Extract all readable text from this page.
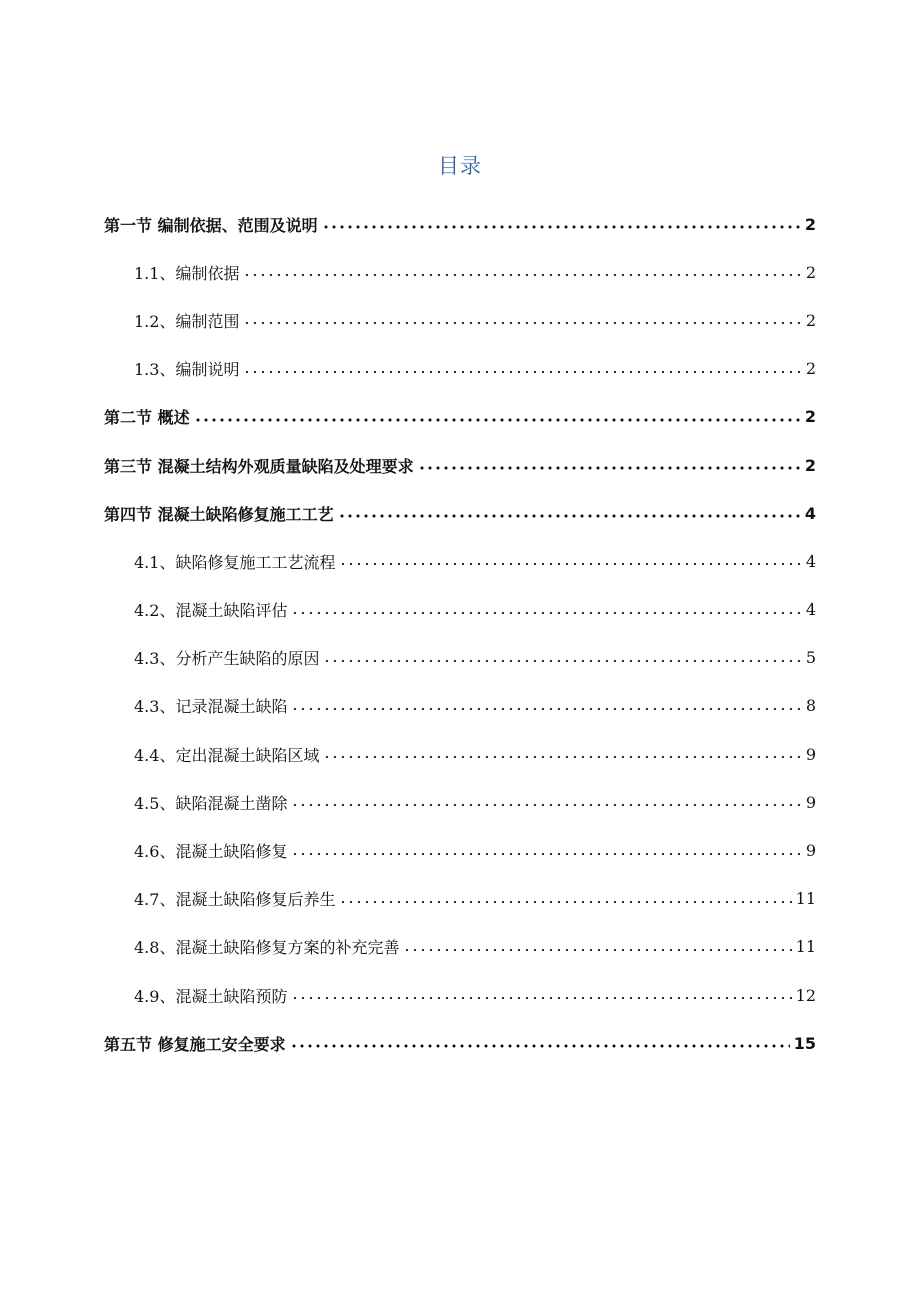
目录
第一节 编制依据、范围及说明	2
1.1、编制依据	2
1.2、编制范围	2
1.3、编制说明	2
第二节 概述	2
第三节 混凝土结构外观质量缺陷及处理要求	2
第四节 混凝土缺陷修复施工工艺	4
4.1、缺陷修复施工工艺流程	4
4.2、混凝土缺陷评估	4
4.3、分析产生缺陷的原因	5
4.3、记录混凝土缺陷	8
4.4、定出混凝土缺陷区域	9
4.5、缺陷混凝土凿除	9
4.6、混凝土缺陷修复	9
4.7、混凝土缺陷修复后养生	11
4.8、混凝土缺陷修复方案的补充完善	11
4.9、混凝土缺陷预防	12
第五节 修复施工安全要求	15
